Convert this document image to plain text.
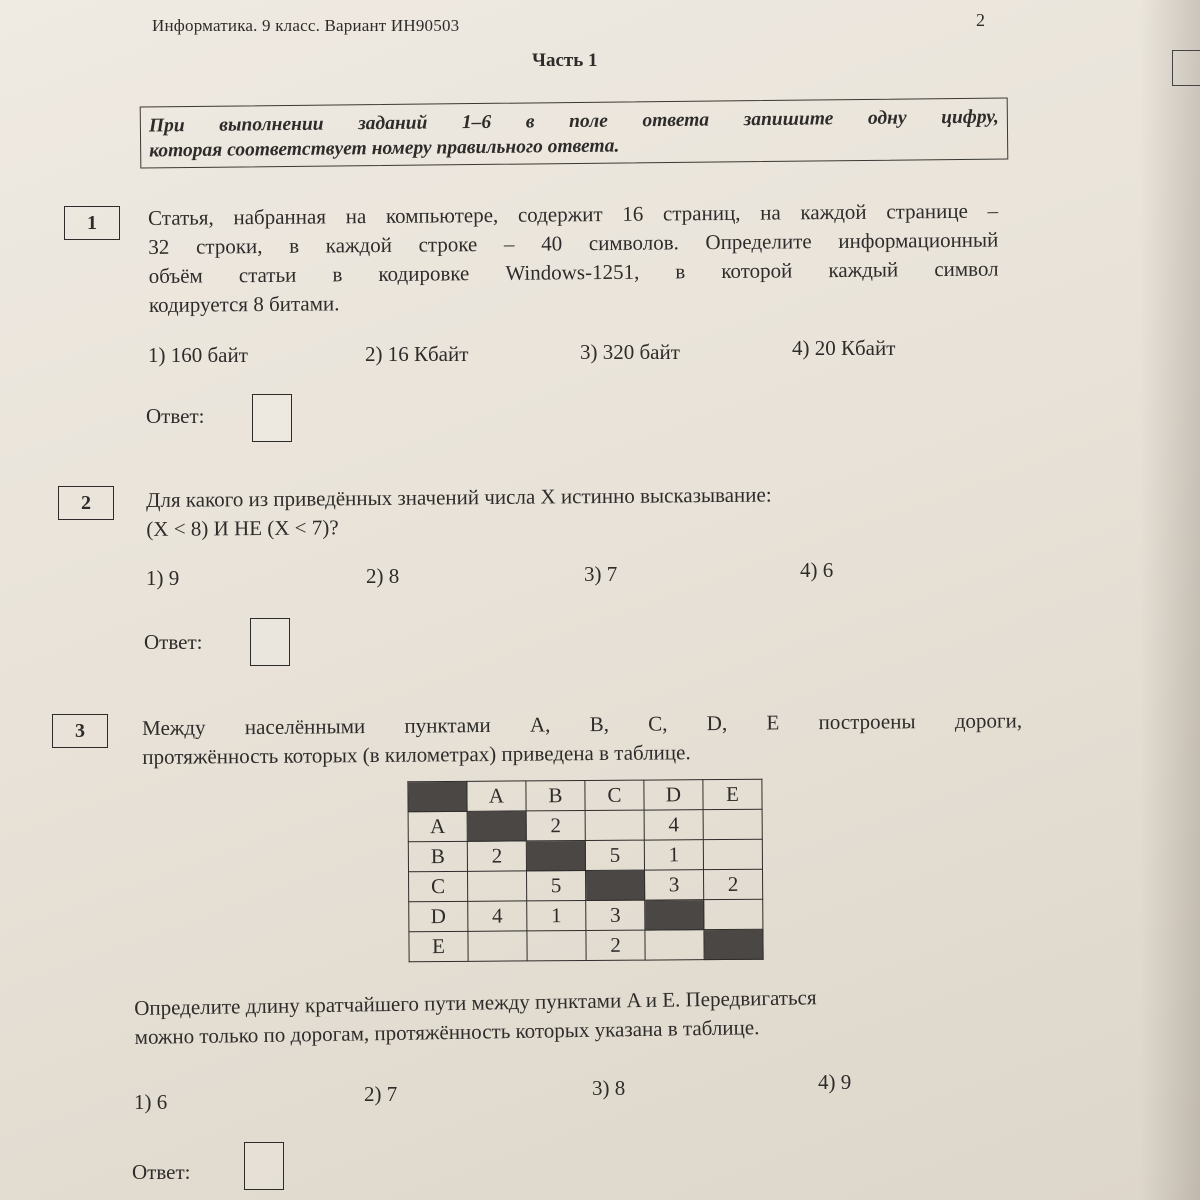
Информатика. 9 класс. Вариант ИН90503	2
Часть 1
При выполнении заданий 1–6 в поле ответа запишите одну цифру,
которая соответствует номеру правильного ответа.
1	Статья, набранная на компьютере, содержит 16 страниц, на каждой странице –
32 строки, в каждой строке – 40 символов. Определите информационный
объём статьи в кодировке Windows-1251, в которой каждый символ
кодируется 8 битами.
1) 160 байт	2) 16 Кбайт	3) 320 байт	4) 20 Кбайт
Ответ:
2	Для какого из приведённых значений числа X истинно высказывание:
(X < 8) И НЕ (X < 7)?
1) 9	2) 8	3) 7	4) 6
Ответ:
3	Между населёнными пунктами A, B, C, D, E построены дороги,
протяжённость которых (в километрах) приведена в таблице.
	A	B	C	D	E
A		2		4	
B	2		5	1	
C		5		3	2
D	4	1	3		
E			2		
Определите длину кратчайшего пути между пунктами A и E. Передвигаться
можно только по дорогам, протяжённость которых указана в таблице.
1) 6	2) 7	3) 8	4) 9
Ответ:
